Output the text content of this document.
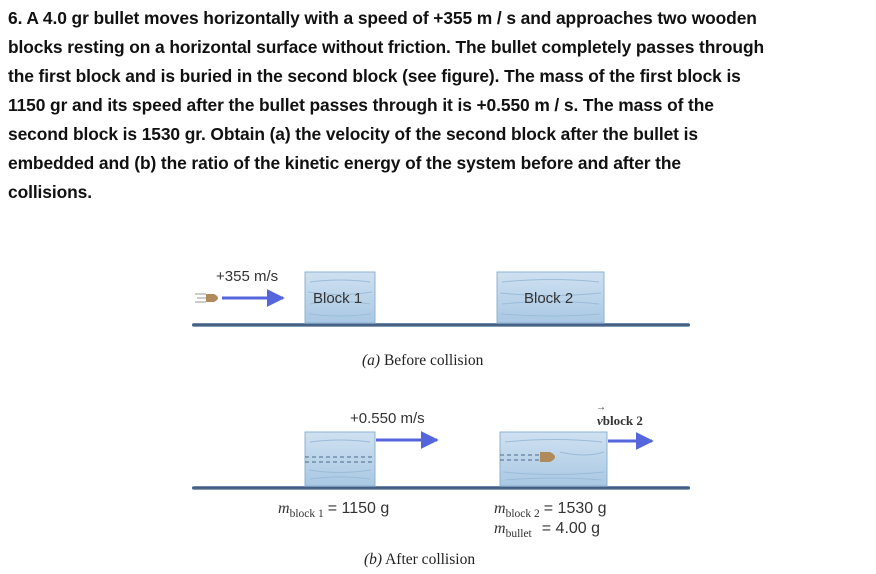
6. A 4.0 gr bullet moves horizontally with a speed of +355 m / s and approaches two wooden
blocks resting on a horizontal surface without friction. The bullet completely passes through
the first block and is buried in the second block (see figure). The mass of the first block is
1150 gr and its speed after the bullet passes through it is +0.550 m / s. The mass of the
second block is 1530 gr. Obtain (a) the velocity of the second block after the bullet is
embedded and (b) the ratio of the kinetic energy of the system before and after the
collisions.
+355 m/s
Block 1	Block 2
(a) Before collision
+0.550 m/s	v
→
block 2
$m_{block 1} = 1150$ g	$m_{block 2} = 1530$ g
$m_{bullet} = 4.00$ g
(b) After collision
